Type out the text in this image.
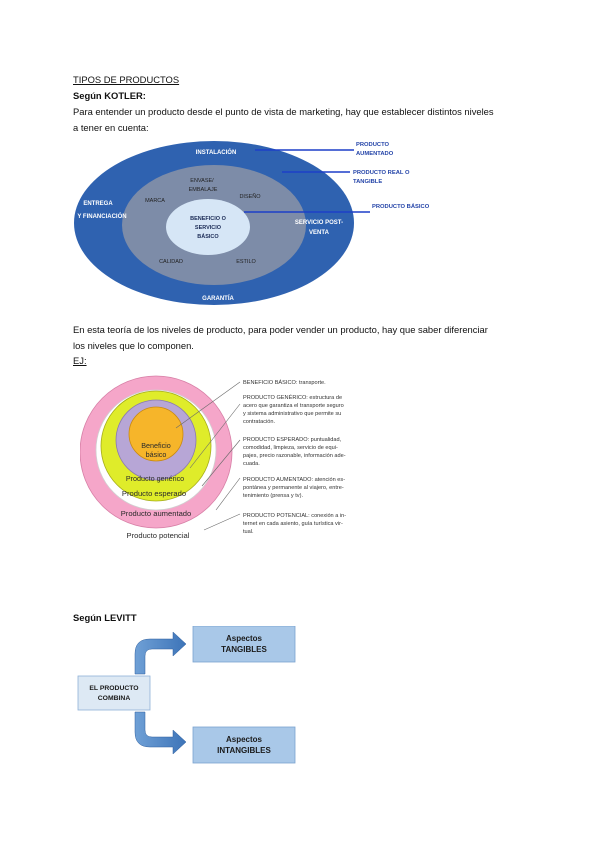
TIPOS DE PRODUCTOS
Según KOTLER:
Para entender un producto desde el punto de vista de marketing, hay que establecer distintos niveles
a tener en cuenta:
INSTALACIÓN
ENTREGA
Y FINANCIACIÓN
SERVICIO POST-
VENTA
GARANTÍA
ENVASE/
EMBALAJE
MARCA
DISEÑO
CALIDAD	ESTILO
BENEFICIO O
SERVICIO
BÁSICO
PRODUCTO
AUMENTADO
PRODUCTO REAL O
TANGIBLE
PRODUCTO BÁSICO
En esta teoría de los niveles de producto, para poder vender un producto, hay que saber diferenciar
los niveles que lo componen.
EJ:
Beneficio
básico
Producto genérico
Producto esperado
Producto aumentado
Producto potencial
BENEFICIO BÁSICO: transporte.
PRODUCTO GENÉRICO: estructura de
acero que garantiza el transporte seguro
y sistema administrativo que permite su
contratación.
PRODUCTO ESPERADO: puntualidad,
comodidad, limpieza, servicio de equi-
pajes, precio razonable, información ade-
cuada.
PRODUCTO AUMENTADO: atención es-
pontánea y permanente al viajero, entre-
tenimiento (prensa y tv).
PRODUCTO POTENCIAL: conexión a in-
ternet en cada asiento, guía turística vir-
tual.
Según LEVITT
EL PRODUCTO
COMBINA
Aspectos
TANGIBLES
Aspectos
INTANGIBLES
